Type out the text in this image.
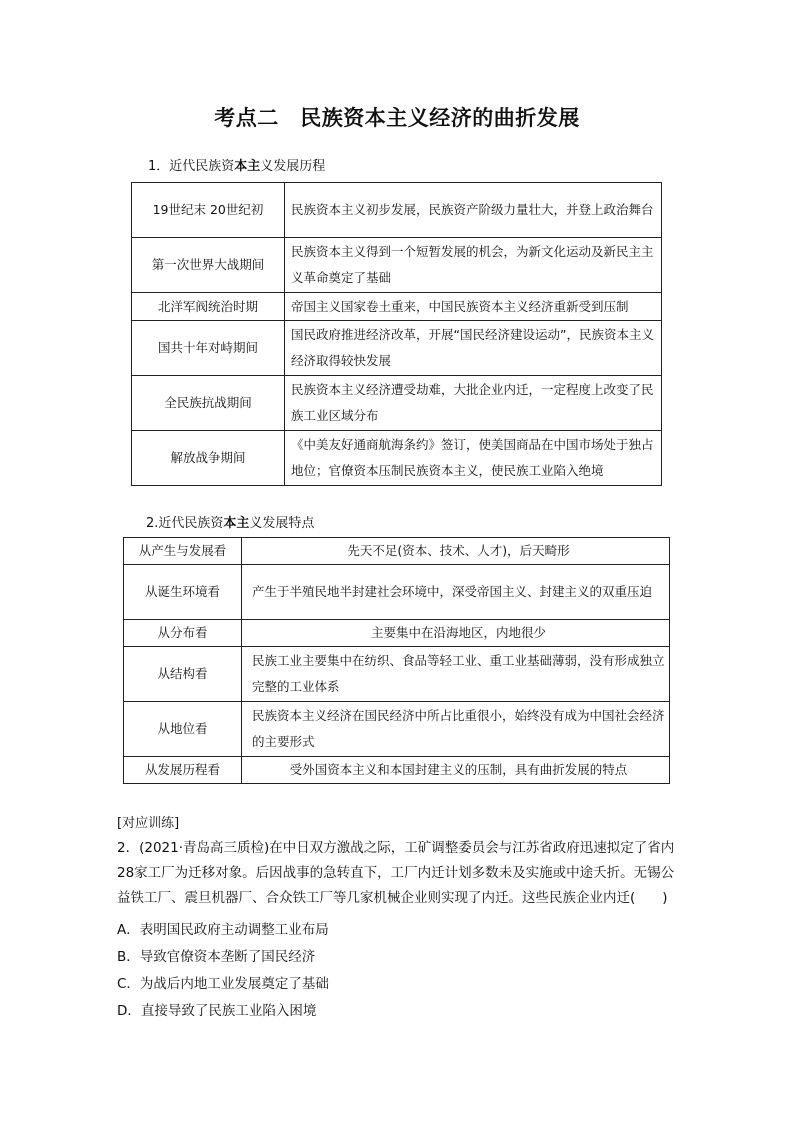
考点二　民族资本主义经济的曲折发展
1．近代民族资本主义发展历程
19世纪末 20世纪初	民族资本主义初步发展，民族资产阶级力量壮大，并登上政治舞台
第一次世界大战期间	民族资本主义得到一个短暂发展的机会，为新文化运动及新民主主义革命奠定了基础
北洋军阀统治时期	帝国主义国家卷土重来，中国民族资本主义经济重新受到压制
国共十年对峙期间	国民政府推进经济改革，开展“国民经济建设运动”，民族资本主义经济取得较快发展
全民族抗战期间	民族资本主义经济遭受劫难，大批企业内迁，一定程度上改变了民族工业区域分布
解放战争期间	《中美友好通商航海条约》签订，使美国商品在中国市场处于独占地位；官僚资本压制民族资本主义，使民族工业陷入绝境
2.近代民族资本主义发展特点
从产生与发展看	先天不足(资本、技术、人才)，后天畸形
从诞生环境看	产生于半殖民地半封建社会环境中，深受帝国主义、封建主义的双重压迫
从分布看	主要集中在沿海地区，内地很少
从结构看	民族工业主要集中在纺织、食品等轻工业、重工业基础薄弱，没有形成独立完整的工业体系
从地位看	民族资本主义经济在国民经济中所占比重很小，始终没有成为中国社会经济的主要形式
从发展历程看	受外国资本主义和本国封建主义的压制，具有曲折发展的特点
[对应训练]
2．(2021·青岛高三质检)在中日双方激战之际，工矿调整委员会与江苏省政府迅速拟定了省内28家工厂为迁移对象。后因战事的急转直下，工厂内迁计划多数未及实施或中途夭折。无锡公益铁工厂、震旦机器厂、合众铁工厂等几家机械企业则实现了内迁。这些民族企业内迁(　　)
A．表明国民政府主动调整工业布局
B．导致官僚资本垄断了国民经济
C．为战后内地工业发展奠定了基础
D．直接导致了民族工业陷入困境
